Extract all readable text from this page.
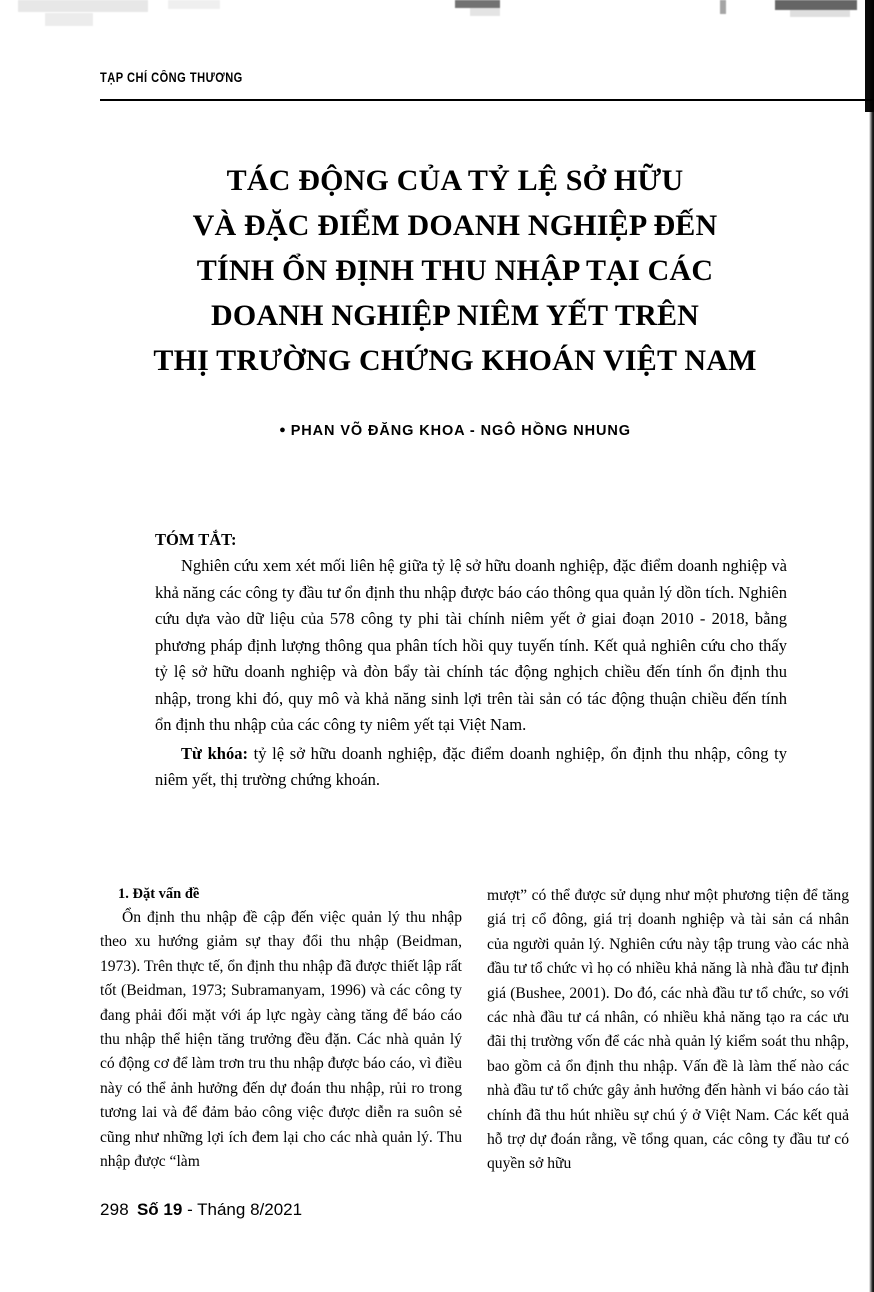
TẠP CHÍ CÔNG THƯƠNG
TÁC ĐỘNG CỦA TỶ LỆ SỞ HỮU
VÀ ĐẶC ĐIỂM DOANH NGHIỆP ĐẾN
TÍNH ỔN ĐỊNH THU NHẬP TẠI CÁC
DOANH NGHIỆP NIÊM YẾT TRÊN
THỊ TRƯỜNG CHỨNG KHOÁN VIỆT NAM
● PHAN VÕ ĐĂNG KHOA - NGÔ HỒNG NHUNG
TÓM TẮT:

Nghiên cứu xem xét mối liên hệ giữa tỷ lệ sở hữu doanh nghiệp, đặc điểm doanh nghiệp và khả năng các công ty đầu tư ổn định thu nhập được báo cáo thông qua quản lý dồn tích. Nghiên cứu dựa vào dữ liệu của 578 công ty phi tài chính niêm yết ở giai đoạn 2010 - 2018, bằng phương pháp định lượng thông qua phân tích hồi quy tuyến tính. Kết quả nghiên cứu cho thấy tỷ lệ sở hữu doanh nghiệp và đòn bẩy tài chính tác động nghịch chiều đến tính ổn định thu nhập, trong khi đó, quy mô và khả năng sinh lợi trên tài sản có tác động thuận chiều đến tính ổn định thu nhập của các công ty niêm yết tại Việt Nam.

Từ khóa: tỷ lệ sở hữu doanh nghiệp, đặc điểm doanh nghiệp, ổn định thu nhập, công ty niêm yết, thị trường chứng khoán.

1. Đặt vấn đề

Ổn định thu nhập đề cập đến việc quản lý thu nhập theo xu hướng giảm sự thay đổi thu nhập (Beidman, 1973). Trên thực tế, ổn định thu nhập đã được thiết lập rất tốt (Beidman, 1973; Subramanyam, 1996) và các công ty đang phải đối mặt với áp lực ngày càng tăng để báo cáo thu nhập thể hiện tăng trưởng đều đặn. Các nhà quản lý có động cơ để làm trơn tru thu nhập được báo cáo, vì điều này có thể ảnh hưởng đến dự đoán thu nhập, rủi ro trong tương lai và để đảm bảo công việc được diễn ra suôn sẻ cũng như những lợi ích đem lại cho các nhà quản lý. Thu nhập được “làm

mượt” có thể được sử dụng như một phương tiện để tăng giá trị cổ đông, giá trị doanh nghiệp và tài sản cá nhân của người quản lý. Nghiên cứu này tập trung vào các nhà đầu tư tổ chức vì họ có nhiều khả năng là nhà đầu tư định giá (Bushee, 2001). Do đó, các nhà đầu tư tổ chức, so với các nhà đầu tư cá nhân, có nhiều khả năng tạo ra các ưu đãi thị trường vốn để các nhà quản lý kiểm soát thu nhập, bao gồm cả ổn định thu nhập. Vấn đề là làm thế nào các nhà đầu tư tổ chức gây ảnh hưởng đến hành vi báo cáo tài chính đã thu hút nhiều sự chú ý ở Việt Nam. Các kết quả hỗ trợ dự đoán rằng, về tổng quan, các công ty đầu tư có quyền sở hữu

298 Số 19 - Tháng 8/2021
